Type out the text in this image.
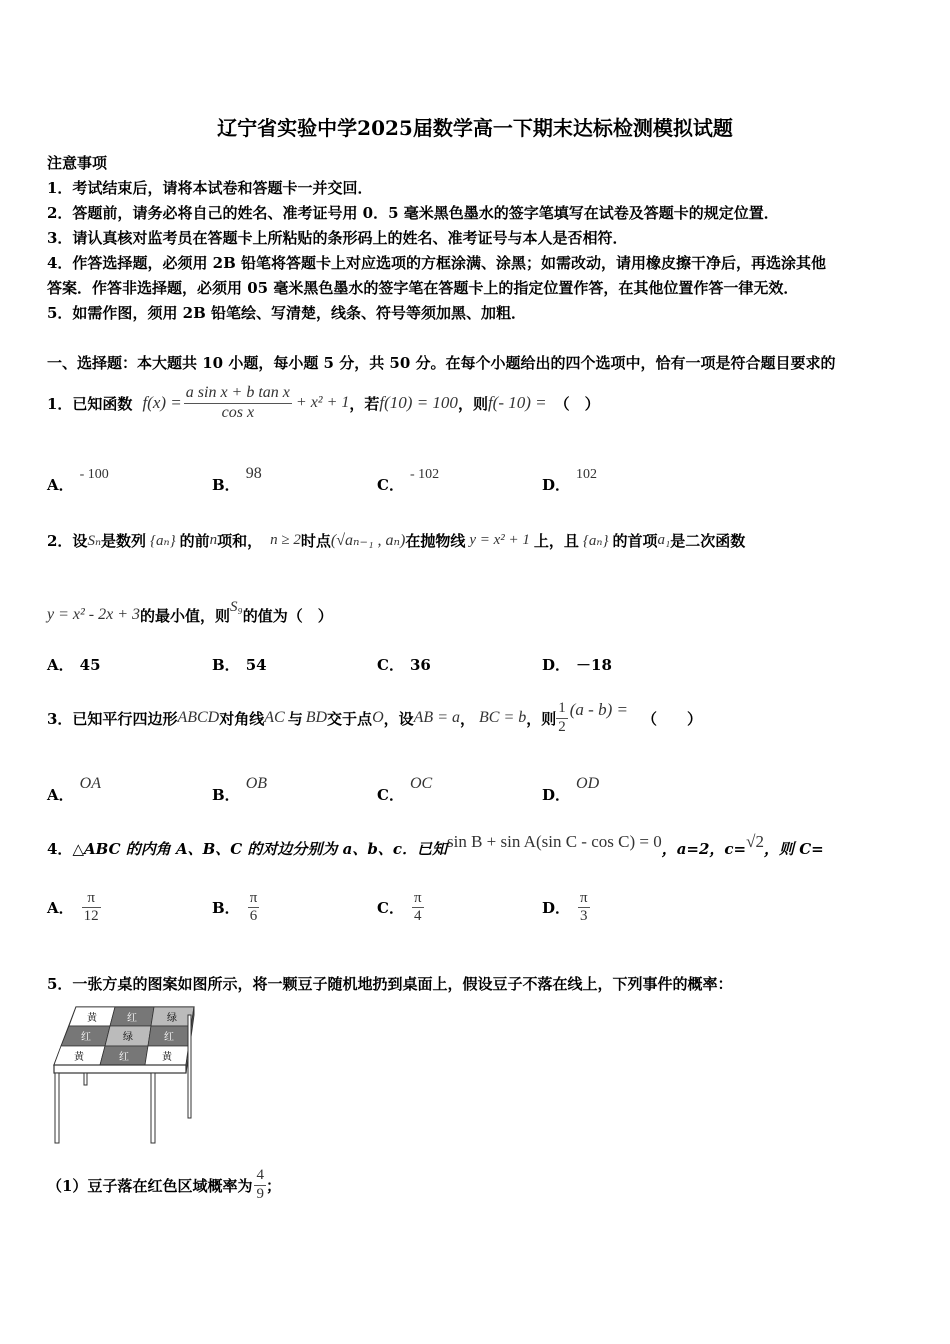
辽宁省实验中学2025届数学高一下期末达标检测模拟试题
注意事项
1．考试结束后，请将本试卷和答题卡一并交回．
2．答题前，请务必将自己的姓名、准考证号用 0．5 毫米黑色墨水的签字笔填写在试卷及答题卡的规定位置．
3．请认真核对监考员在答题卡上所粘贴的条形码上的姓名、准考证号与本人是否相符．
4．作答选择题，必须用 2B 铅笔将答题卡上对应选项的方框涂满、涂黑；如需改动，请用橡皮擦干净后，再选涂其他
答案．作答非选择题，必须用 05 毫米黑色墨水的签字笔在答题卡上的指定位置作答，在其他位置作答一律无效．
5．如需作图，须用 2B 铅笔绘、写清楚，线条、符号等须加黑、加粗．
一、选择题：本大题共 10 小题，每小题 5 分，共 50 分。在每个小题给出的四个选项中，恰有一项是符合题目要求的
1．已知函数 $f(x) = \frac{\text{a sin x + b tan x}}{\text{cos x}} + x^2 + 1$ ，若 f(10) = 100 ，则 f(- 10) = （　）
A．- 100
B．98
C．- 102
D．102
2．设 Sₙ 是数列 {aₙ} 的前 n 项和， n ≥ 2 时点 (√aₙ₋₁ , aₙ) 在抛物线 y = x² + 1 上，且 {aₙ} 的首项 a₁ 是二次函数
y = x² - 2x + 3 的最小值，则 S₉ 的值为（　）
A． 45	B． 54	C． 36	D． －18
3．已知平行四边形 ABCD 对角线 AC 与 BD 交于点 O ，设 AB = a ， BC = b ，则 $\frac{1}{2} (a - b)$ = （　　）
A．OA
B．OB
C．OC
D．OD
4． △ABC 的内角 A、B、C 的对边分别为 a、b、c．已知 sin B + sin A(sin C - cos C) = 0 ，a=2，c= √2 ，则 C=
A． $\frac{\pi}{12}$	B． $\frac{\pi}{6}$	C． $\frac{\pi}{4}$	D． $\frac{\pi}{3}$
5．一张方桌的图案如图所示，将一颗豆子随机地扔到桌面上，假设豆子不落在线上，下列事件的概率：
黄	红	绿
红	绿	红
黄	红	黄
（1）豆子落在红色区域概率为 $\frac{4}{9}$ ；
